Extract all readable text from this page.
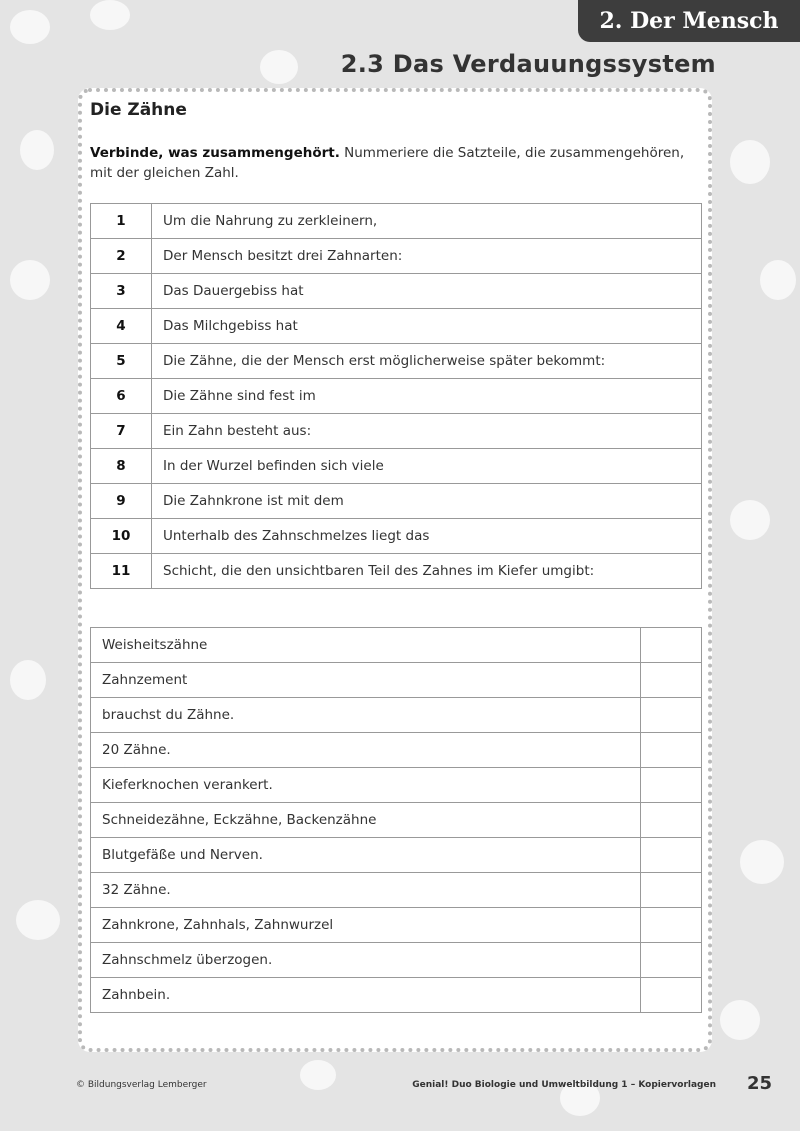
2. Der Mensch
2.3 Das Verdauungssystem
Die Zähne
Verbinde, was zusammengehört. Nummeriere die Satzteile, die zusammengehören, mit der gleichen Zahl.
1	Um die Nahrung zu zerkleinern,
2	Der Mensch besitzt drei Zahnarten:
3	Das Dauergebiss hat
4	Das Milchgebiss hat
5	Die Zähne, die der Mensch erst möglicherweise später bekommt:
6	Die Zähne sind fest im
7	Ein Zahn besteht aus:
8	In der Wurzel befinden sich viele
9	Die Zahnkrone ist mit dem
10	Unterhalb des Zahnschmelzes liegt das
11	Schicht, die den unsichtbaren Teil des Zahnes im Kiefer umgibt:
Weisheitszähne	
Zahnzement	
brauchst du Zähne.	
20 Zähne.	
Kieferknochen verankert.	
Schneidezähne, Eckzähne, Backenzähne	
Blutgefäße und Nerven.	
32 Zähne.	
Zahnkrone, Zahnhals, Zahnwurzel	
Zahnschmelz überzogen.	
Zahnbein.	
© Bildungsverlag Lemberger	Genial! Duo Biologie und Umweltbildung 1 – Kopiervorlagen 25
